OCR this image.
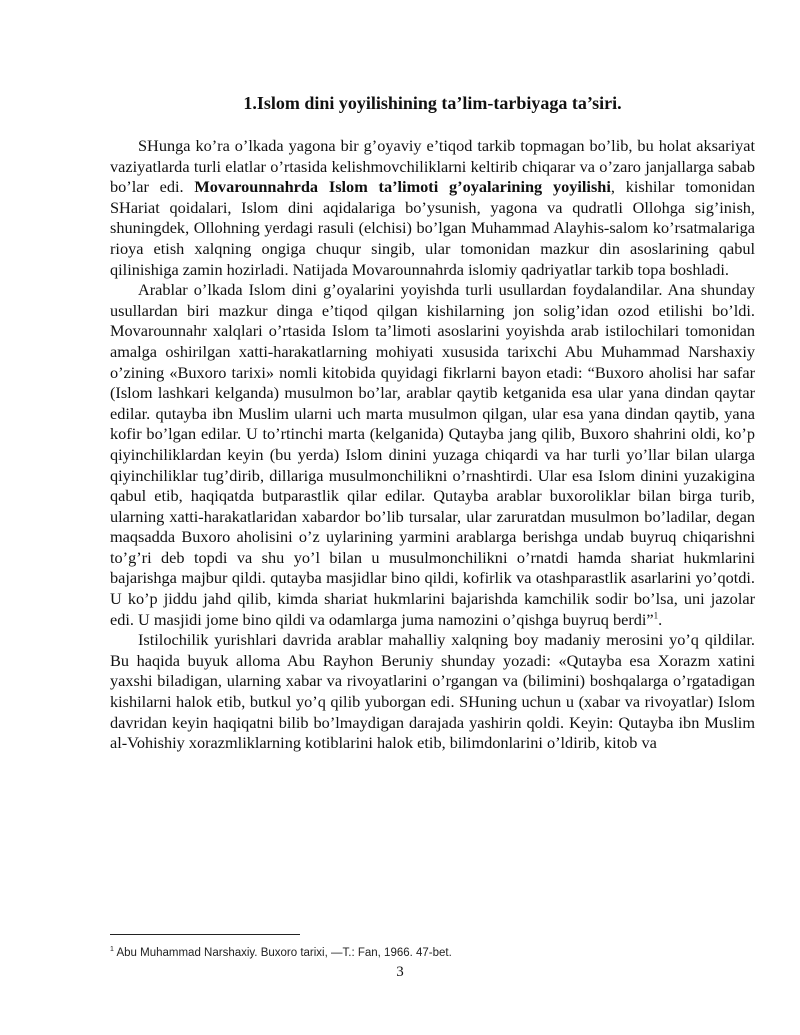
1.Islom dini yoyilishining ta’lim-tarbiyaga ta’siri.

SHunga ko’ra o’lkada yagona bir g’oyaviy e’tiqod tarkib topmagan bo’lib, bu holat aksariyat vaziyatlarda turli elatlar o’rtasida kelishmovchiliklarni keltirib chiqarar va o’zaro janjallarga sabab bo’lar edi. Movarounnahrda Islom ta’limoti g’oyalarining yoyilishi, kishilar tomonidan SHariat qoidalari, Islom dini aqidalariga bo’ysunish, yagona va qudratli Ollohga sig’inish, shuningdek, Ollohning yerdagi rasuli (elchisi) bo’lgan Muhammad Alayhis-salom ko’rsatmalariga rioya etish xalqning ongiga chuqur singib, ular tomonidan mazkur din asoslarining qabul qilinishiga zamin hozirladi. Natijada Movarounnahrda islomiy qadriyatlar tarkib topa boshladi.

Arablar o’lkada Islom dini g’oyalarini yoyishda turli usullardan foydalandilar. Ana shunday usullardan biri mazkur dinga e’tiqod qilgan kishilarning jon solig’idan ozod etilishi bo’ldi. Movarounnahr xalqlari o’rtasida Islom ta’limoti asoslarini yoyishda arab istilochilari tomonidan amalga oshirilgan xatti-harakatlarning mohiyati xususida tarixchi Abu Muhammad Narshaxiy o’zining «Buxoro tarixi» nomli kitobida quyidagi fikrlarni bayon etadi: “Buxoro aholisi har safar (Islom lashkari kelganda) musulmon bo’lar, arablar qaytib ketganida esa ular yana dindan qaytar edilar. qutayba ibn Muslim ularni uch marta musulmon qilgan, ular esa yana dindan qaytib, yana kofir bo’lgan edilar. U to’rtinchi marta (kelganida) Qutayba jang qilib, Buxoro shahrini oldi, ko’p qiyinchiliklardan keyin (bu yerda) Islom dinini yuzaga chiqardi va har turli yo’llar bilan ularga qiyinchiliklar tug’dirib, dillariga musulmonchilikni o’rnashtirdi. Ular esa Islom dinini yuzakigina qabul etib, haqiqatda butparastlik qilar edilar. Qutayba arablar buxoroliklar bilan birga turib, ularning xatti-harakatlaridan xabardor bo’lib tursalar, ular zaruratdan musulmon bo’ladilar, degan maqsadda Buxoro aholisini o’z uylarining yarmini arablarga berishga undab buyruq chiqarishni to’g’ri deb topdi va shu yo’l bilan u musulmonchilikni o’rnatdi hamda shariat hukmlarini bajarishga majbur qildi. qutayba masjidlar bino qildi, kofirlik va otashparastlik asarlarini yo’qotdi. U ko’p jiddu jahd qilib, kimda shariat hukmlarini bajarishda kamchilik sodir bo’lsa, uni jazolar edi. U masjidi jome bino qildi va odamlarga juma namozini o’qishga buyruq berdi”$^1$.

Istilochilik yurishlari davrida arablar mahalliy xalqning boy madaniy merosini yo’q qildilar. Bu haqida buyuk alloma Abu Rayhon Beruniy shunday yozadi: «Qutayba esa Xorazm xatini yaxshi biladigan, ularning xabar va rivoyatlarini o’rgangan va (bilimini) boshqalarga o’rgatadigan kishilarni halok etib, butkul yo’q qilib yuborgan edi. SHuning uchun u (xabar va rivoyatlar) Islom davridan keyin haqiqatni bilib bo’lmaydigan darajada yashirin qoldi. Keyin: Qutayba ibn Muslim al-Vohishiy xorazmliklarning kotiblarini halok etib, bilimdonlarini o’ldirib, kitob va

$^1$ Abu Muhammad Narshaxiy. Buxoro tarixi, —T.: Fan, 1966. 47-bet.
3
